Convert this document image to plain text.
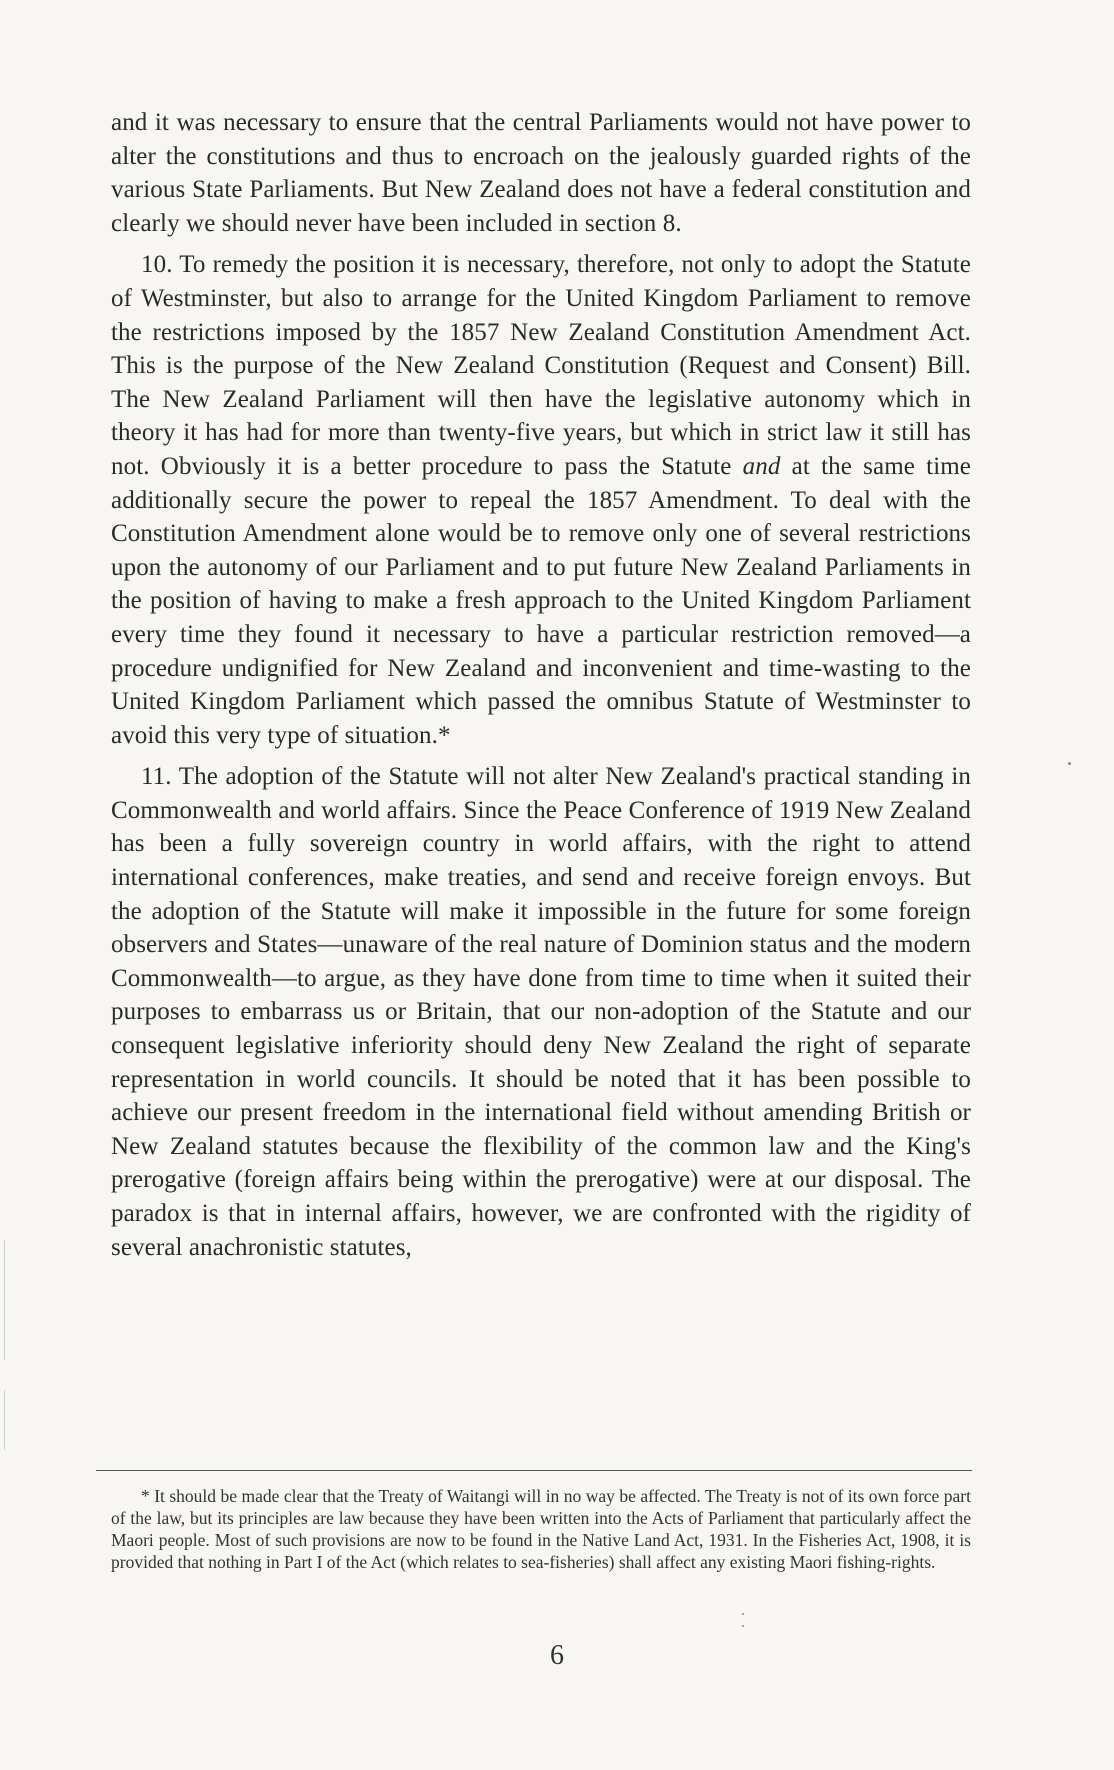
and it was necessary to ensure that the central Parliaments would not have power to alter the constitutions and thus to encroach on the jealously guarded rights of the various State Parliaments. But New Zealand does not have a federal constitution and clearly we should never have been included in section 8.

10. To remedy the position it is necessary, therefore, not only to adopt the Statute of Westminster, but also to arrange for the United Kingdom Parliament to remove the restrictions imposed by the 1857 New Zealand Constitution Amendment Act. This is the purpose of the New Zealand Constitution (Request and Consent) Bill. The New Zealand Parliament will then have the legislative autonomy which in theory it has had for more than twenty-five years, but which in strict law it still has not. Obviously it is a better procedure to pass the Statute and at the same time additionally secure the power to repeal the 1857 Amendment. To deal with the Constitution Amendment alone would be to remove only one of several restrictions upon the autonomy of our Parliament and to put future New Zealand Parliaments in the position of having to make a fresh approach to the United Kingdom Parliament every time they found it necessary to have a particular restriction removed—a procedure undignified for New Zealand and inconvenient and time-wasting to the United Kingdom Parliament which passed the omnibus Statute of Westminster to avoid this very type of situation.*

11. The adoption of the Statute will not alter New Zealand's practical standing in Commonwealth and world affairs. Since the Peace Conference of 1919 New Zealand has been a fully sovereign country in world affairs, with the right to attend international conferences, make treaties, and send and receive foreign envoys. But the adoption of the Statute will make it impossible in the future for some foreign observers and States—unaware of the real nature of Dominion status and the modern Commonwealth—to argue, as they have done from time to time when it suited their purposes to embarrass us or Britain, that our non-adoption of the Statute and our consequent legislative inferiority should deny New Zealand the right of separate representation in world councils. It should be noted that it has been possible to achieve our present freedom in the international field without amending British or New Zealand statutes because the flexibility of the common law and the King's prerogative (foreign affairs being within the prerogative) were at our disposal. The paradox is that in internal affairs, however, we are confronted with the rigidity of several anachronistic statutes,

* It should be made clear that the Treaty of Waitangi will in no way be affected. The Treaty is not of its own force part of the law, but its principles are law because they have been written into the Acts of Parliament that particularly affect the Maori people. Most of such provisions are now to be found in the Native Land Act, 1931. In the Fisheries Act, 1908, it is provided that nothing in Part I of the Act (which relates to sea-fisheries) shall affect any existing Maori fishing-rights.

6
